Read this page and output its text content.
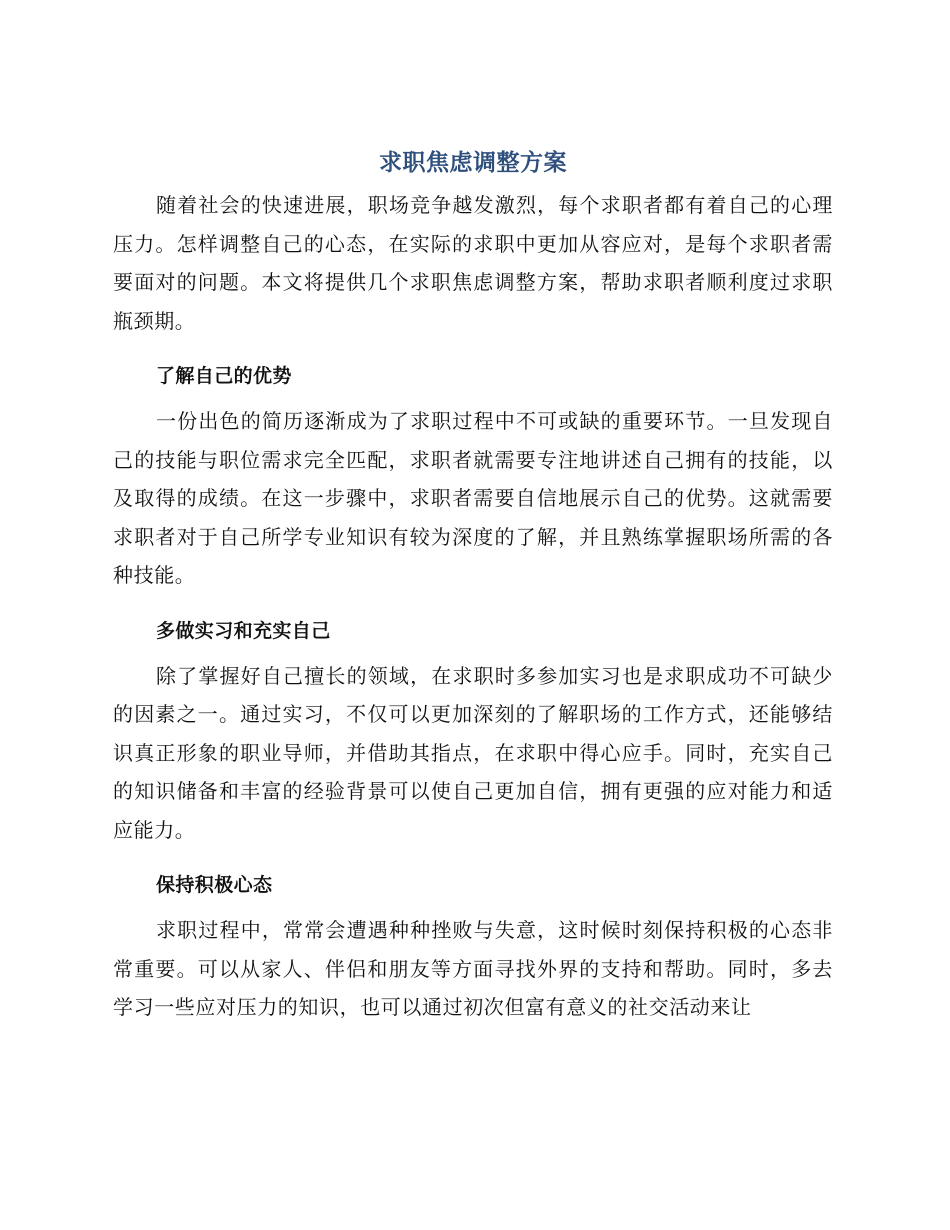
求职焦虑调整方案

随着社会的快速进展，职场竞争越发激烈，每个求职者都有着自己的心理压力。怎样调整自己的心态，在实际的求职中更加从容应对，是每个求职者需要面对的问题。本文将提供几个求职焦虑调整方案，帮助求职者顺利度过求职瓶颈期。

了解自己的优势

一份出色的简历逐渐成为了求职过程中不可或缺的重要环节。一旦发现自己的技能与职位需求完全匹配，求职者就需要专注地讲述自己拥有的技能，以及取得的成绩。在这一步骤中，求职者需要自信地展示自己的优势。这就需要求职者对于自己所学专业知识有较为深度的了解，并且熟练掌握职场所需的各种技能。

多做实习和充实自己

除了掌握好自己擅长的领域，在求职时多参加实习也是求职成功不可缺少的因素之一。通过实习，不仅可以更加深刻的了解职场的工作方式，还能够结识真正形象的职业导师，并借助其指点，在求职中得心应手。同时，充实自己的知识储备和丰富的经验背景可以使自己更加自信，拥有更强的应对能力和适应能力。

保持积极心态

求职过程中，常常会遭遇种种挫败与失意，这时候时刻保持积极的心态非常重要。可以从家人、伴侣和朋友等方面寻找外界的支持和帮助。同时，多去学习一些应对压力的知识，也可以通过初次但富有意义的社交活动来让
